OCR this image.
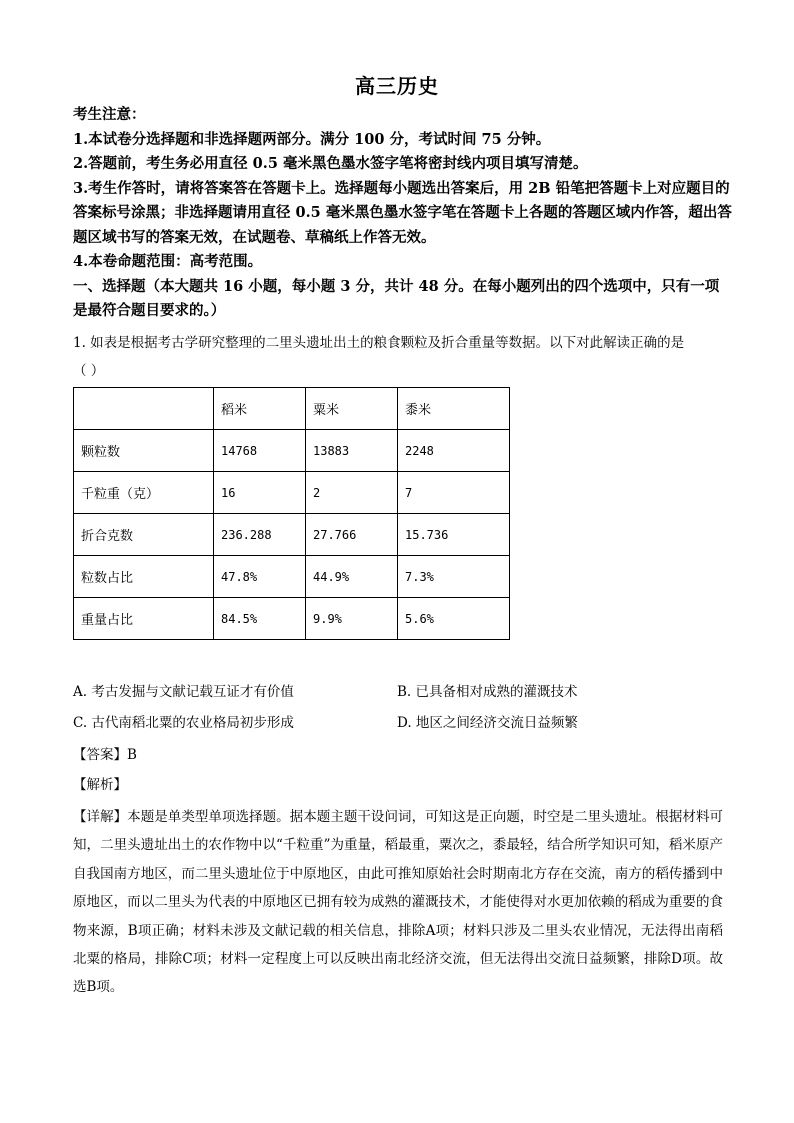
高三历史

考生注意：

1.本试卷分选择题和非选择题两部分。满分 100 分，考试时间 75 分钟。

2.答题前，考生务必用直径 0.5 毫米黑色墨水签字笔将密封线内项目填写清楚。

3.考生作答时，请将答案答在答题卡上。选择题每小题选出答案后，用 2B 铅笔把答题卡上对应题目的答案标号涂黑；非选择题请用直径 0.5 毫米黑色墨水签字笔在答题卡上各题的答题区域内作答，超出答题区域书写的答案无效，在试题卷、草稿纸上作答无效。

4.本卷命题范围：高考范围。

一、选择题（本大题共 16 小题，每小题 3 分，共计 48 分。在每小题列出的四个选项中，只有一项是最符合题目要求的。）

1. 如表是根据考古学研究整理的二里头遗址出土的粮食颗粒及折合重量等数据。以下对此解读正确的是

（ ）

	稻米	粟米	黍米
颗粒数	14768	13883	2248
千粒重（克）	16	2	7
折合克数	236.288	27.766	15.736
粒数占比	47.8%	44.9%	7.3%
重量占比	84.5%	9.9%	5.6%
A. 考古发掘与文献记载互证才有价值	B. 已具备相对成熟的灌溉技术
C. 古代南稻北粟的农业格局初步形成	D. 地区之间经济交流日益频繁
【答案】B
【解析】
【详解】本题是单类型单项选择题。据本题主题干设问词，可知这是正向题，时空是二里头遗址。根据材料可知，二里头遗址出土的农作物中以“千粒重”为重量，稻最重，粟次之，黍最轻，结合所学知识可知，稻米原产自我国南方地区，而二里头遗址位于中原地区，由此可推知原始社会时期南北方存在交流，南方的稻传播到中原地区，而以二里头为代表的中原地区已拥有较为成熟的灌溉技术，才能使得对水更加依赖的稻成为重要的食物来源，B项正确；材料未涉及文献记载的相关信息，排除A项；材料只涉及二里头农业情况，无法得出南稻北粟的格局，排除C项；材料一定程度上可以反映出南北经济交流，但无法得出交流日益频繁，排除D项。故选B项。
